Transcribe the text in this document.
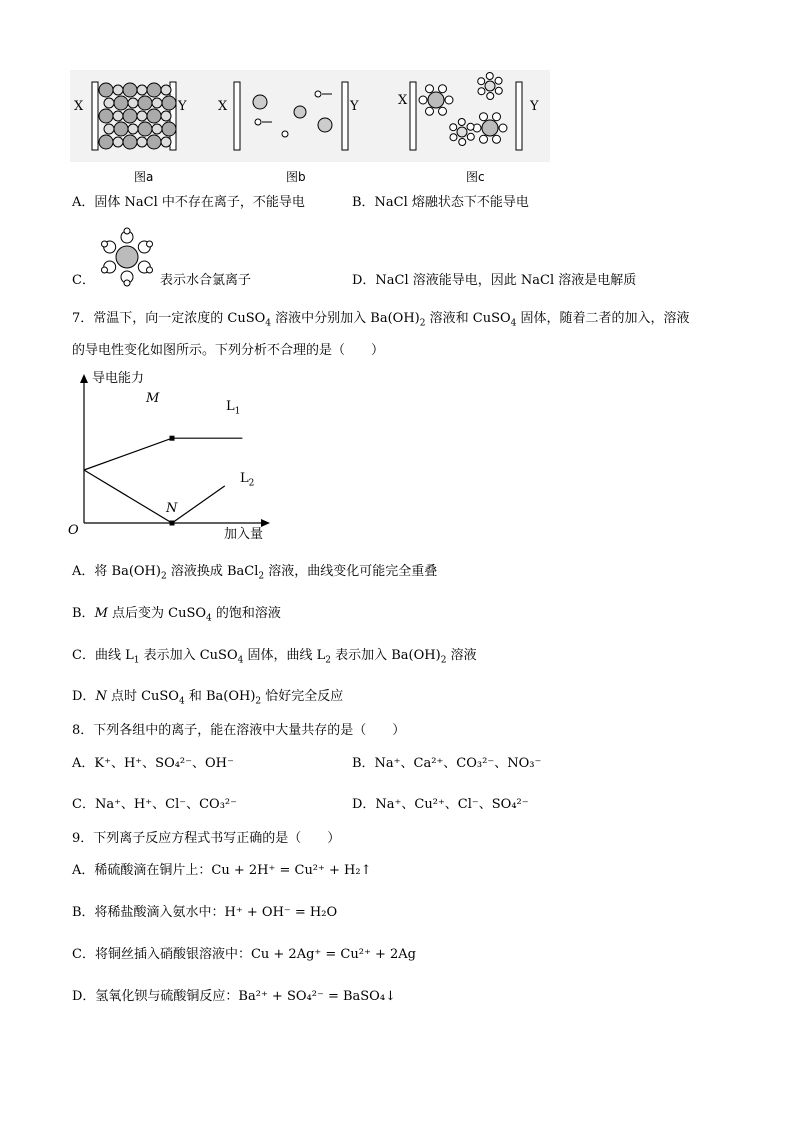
X	Y X	Y	X	Y
图a	图b	图c
A．固体 NaCl 中不存在离子，不能导电	B．NaCl 熔融状态下不能导电
C．	表示水合氯离子	D．NaCl 溶液能导电，因此 NaCl 溶液是电解质
7．常温下，向一定浓度的 CuSO$_4$ 溶液中分别加入 $Ba(OH)_2$ 溶液和 CuSO$_4$ 固体，随着二者的加入，溶液
的导电性变化如图所示。下列分析不合理的是（　　）
导电能力
M
$L_1$
$L_2$
N
O	加入量
A．将 $Ba(OH)_2$ 溶液换成 BaCl$_2$ 溶液，曲线变化可能完全重叠
B．M 点后变为 CuSO$_4$ 的饱和溶液
C．曲线 $L_1$ 表示加入 CuSO$_4$ 固体，曲线 $L_2$ 表示加入 $Ba(OH)_2$ 溶液
D．N 点时 CuSO$_4$ 和 $Ba(OH)_2$ 恰好完全反应
8．下列各组中的离子，能在溶液中大量共存的是（　　）
A．K⁺、H⁺、SO₄²⁻、OH⁻	B．Na⁺、Ca²⁺、CO₃²⁻、NO₃⁻
C．Na⁺、H⁺、Cl⁻、CO₃²⁻	D．Na⁺、Cu²⁺、Cl⁻、SO₄²⁻
9．下列离子反应方程式书写正确的是（　　）
A．稀硫酸滴在铜片上：Cu + 2H⁺ = Cu²⁺ + H₂↑
B．将稀盐酸滴入氨水中：H⁺ + OH⁻ = H₂O
C．将铜丝插入硝酸银溶液中：Cu + 2Ag⁺ = Cu²⁺ + 2Ag
D．氢氧化钡与硫酸铜反应：Ba²⁺ + SO₄²⁻ = BaSO₄↓
